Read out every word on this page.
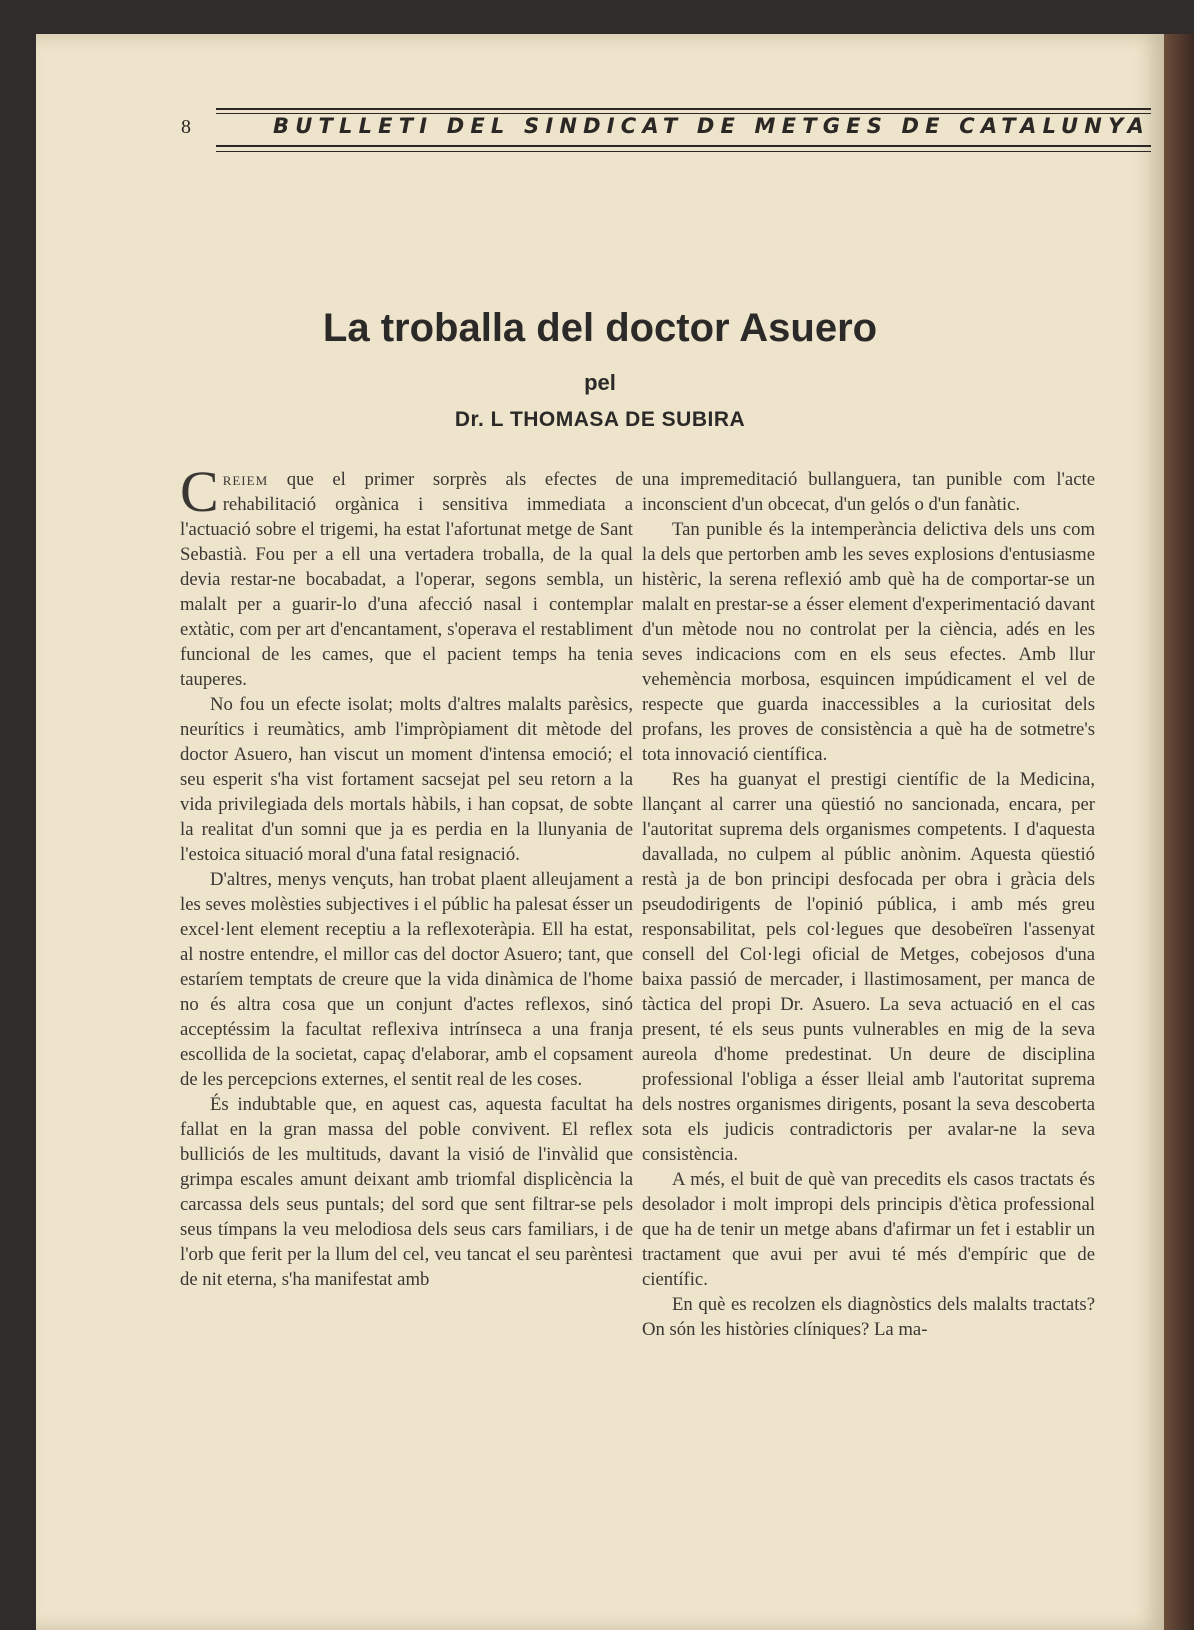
8	BUTLLETI DEL SINDICAT DE METGES DE CATALUNYA
La troballa del doctor Asuero
pel
Dr. L THOMASA DE SUBIRA

Creiem que el primer sorprès als efectes de rehabilitació orgànica i sensitiva immediata a l'actuació sobre el trigemi, ha estat l'afortunat metge de Sant Sebastià. Fou per a ell una vertadera troballa, de la qual devia restar-ne bocabadat, a l'operar, segons sembla, un malalt per a guarir-lo d'una afecció nasal i contemplar extàtic, com per art d'encantament, s'operava el restabliment funcional de les cames, que el pacient temps ha tenia tauperes.

No fou un efecte isolat; molts d'altres malalts parèsics, neurítics i reumàtics, amb l'impròpiament dit mètode del doctor Asuero, han viscut un moment d'intensa emoció; el seu esperit s'ha vist fortament sacsejat pel seu retorn a la vida privilegiada dels mortals hàbils, i han copsat, de sobte la realitat d'un somni que ja es perdia en la llunyania de l'estoica situació moral d'una fatal resignació.

D'altres, menys vençuts, han trobat plaent alleujament a les seves molèsties subjectives i el públic ha palesat ésser un excel·lent element receptiu a la reflexoteràpia. Ell ha estat, al nostre entendre, el millor cas del doctor Asuero; tant, que estaríem temptats de creure que la vida dinàmica de l'home no és altra cosa que un conjunt d'actes reflexos, sinó acceptéssim la facultat reflexiva intrínseca a una franja escollida de la societat, capaç d'elaborar, amb el copsament de les percepcions externes, el sentit real de les coses.

És indubtable que, en aquest cas, aquesta facultat ha fallat en la gran massa del poble convivent. El reflex bulliciós de les multituds, davant la visió de l'invàlid que grimpa escales amunt deixant amb triomfal displicència la carcassa dels seus puntals; del sord que sent filtrar-se pels seus tímpans la veu melodiosa dels seus cars familiars, i de l'orb que ferit per la llum del cel, veu tancat el seu parèntesi de nit eterna, s'ha manifestat amb

una impremeditació bullanguera, tan punible com l'acte inconscient d'un obcecat, d'un gelós o d'un fanàtic.

Tan punible és la intemperància delictiva dels uns com la dels que pertorben amb les seves explosions d'entusiasme histèric, la serena reflexió amb què ha de comportar-se un malalt en prestar-se a ésser element d'experimentació davant d'un mètode nou no controlat per la ciència, adés en les seves indicacions com en els seus efectes. Amb llur vehemència morbosa, esquincen impúdicament el vel de respecte que guarda inaccessibles a la curiositat dels profans, les proves de consistència a què ha de sotmetre's tota innovació científica.

Res ha guanyat el prestigi científic de la Medicina, llançant al carrer una qüestió no sancionada, encara, per l'autoritat suprema dels organismes competents. I d'aquesta davallada, no culpem al públic anònim. Aquesta qüestió restà ja de bon principi desfocada per obra i gràcia dels pseudodirigents de l'opinió pública, i amb més greu responsabilitat, pels col·legues que desobeïren l'assenyat consell del Col·legi oficial de Metges, cobejosos d'una baixa passió de mercader, i llastimosament, per manca de tàctica del propi Dr. Asuero. La seva actuació en el cas present, té els seus punts vulnerables en mig de la seva aureola d'home predestinat. Un deure de disciplina professional l'obliga a ésser lleial amb l'autoritat suprema dels nostres organismes dirigents, posant la seva descoberta sota els judicis contradictoris per avalar-ne la seva consistència.

A més, el buit de què van precedits els casos tractats és desolador i molt impropi dels principis d'ètica professional que ha de tenir un metge abans d'afirmar un fet i establir un tractament que avui per avui té més d'empíric que de científic.

En què es recolzen els diagnòstics dels malalts tractats? On són les històries clíniques? La ma-
